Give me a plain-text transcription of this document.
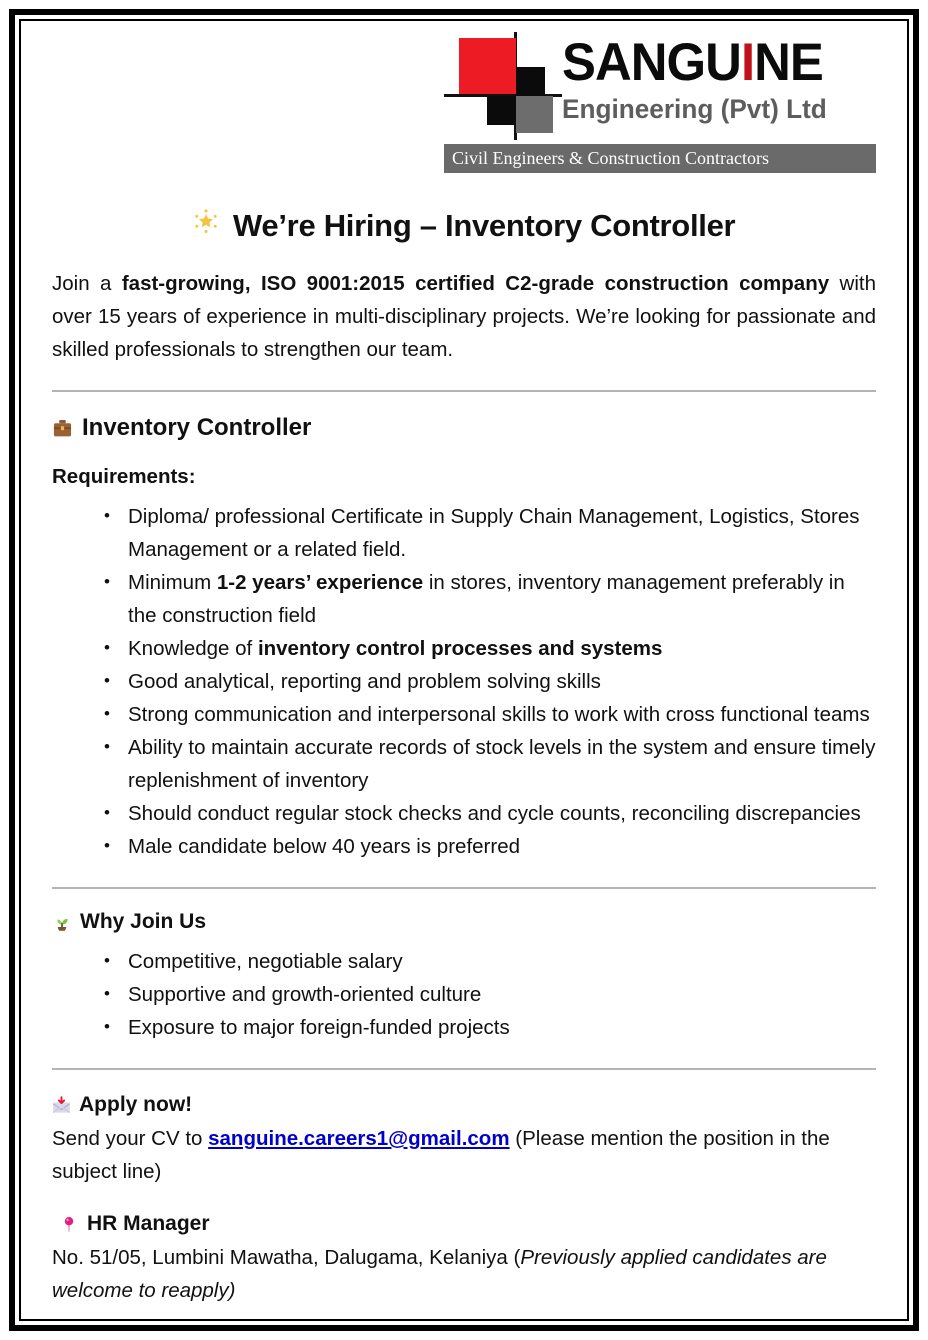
SANGUINE
Engineering (Pvt) Ltd
Civil Engineers & Construction Contractors
We’re Hiring – Inventory Controller

Join a fast-growing, ISO 9001:2015 certified C2-grade construction company with over 15 years of experience in multi-disciplinary projects. We’re looking for passionate and skilled professionals to strengthen our team.

Inventory Controller
Requirements:
• Diploma/ professional Certificate in Supply Chain Management, Logistics, Stores Management or a related field.
• Minimum 1-2 years’ experience in stores, inventory management preferably in the construction field
• Knowledge of inventory control processes and systems
• Good analytical, reporting and problem solving skills
• Strong communication and interpersonal skills to work with cross functional teams
• Ability to maintain accurate records of stock levels in the system and ensure timely replenishment of inventory
• Should conduct regular stock checks and cycle counts, reconciling discrepancies
• Male candidate below 40 years is preferred
Why Join Us
• Competitive, negotiable salary
• Supportive and growth-oriented culture
• Exposure to major foreign-funded projects
Apply now!

Send your CV to sanguine.careers1@gmail.com (Please mention the position in the subject line)

HR Manager

No. 51/05, Lumbini Mawatha, Dalugama, Kelaniya (Previously applied candidates are welcome to reapply)
